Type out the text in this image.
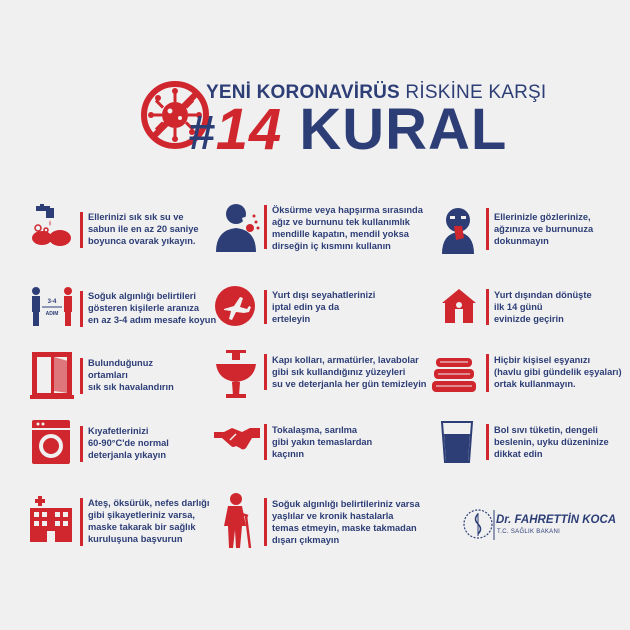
YENİ KORONAVİRÜS RİSKİNE KARŞI
#14 KURAL
Ellerinizi sık sık su ve
sabun ile en az 20 saniye
boyunca ovarak yıkayın.
Öksürme veya hapşırma sırasında
ağız ve burnunu tek kullanımlık
mendille kapatın, mendil yoksa
dirseğin iç kısmını kullanın
Ellerinizle gözlerinize,
ağzınıza ve burnunuza
dokunmayın
3-4
ADIM
Soğuk algınlığı belirtileri
gösteren kişilerle aranıza
en az 3-4 adım mesafe koyun
Yurt dışı seyahatlerinizi
iptal edin ya da
erteleyin
Yurt dışından dönüşte
ilk 14 günü
evinizde geçirin
Bulunduğunuz
ortamları
sık sık havalandırın
Kapı kolları, armatürler, lavabolar
gibi sık kullandığınız yüzeyleri
su ve deterjanla her gün temizleyin
Hiçbir kişisel eşyanızı
(havlu gibi gündelik eşyaları)
ortak kullanmayın.
Kıyafetlerinizi
60-90°C'de normal
deterjanla yıkayın
Tokalaşma, sarılma
gibi yakın temaslardan
kaçının
Bol sıvı tüketin, dengeli
beslenin, uyku düzeninize
dikkat edin
Ateş, öksürük, nefes darlığı
gibi şikayetleriniz varsa,
maske takarak bir sağlık
kuruluşuna başvurun
Soğuk algınlığı belirtileriniz varsa
yaşlılar ve kronik hastalarla
temas etmeyin, maske takmadan
dışarı çıkmayın
Dr. FAHRETTİN KOCA
T.C. SAĞLIK BAKANI
